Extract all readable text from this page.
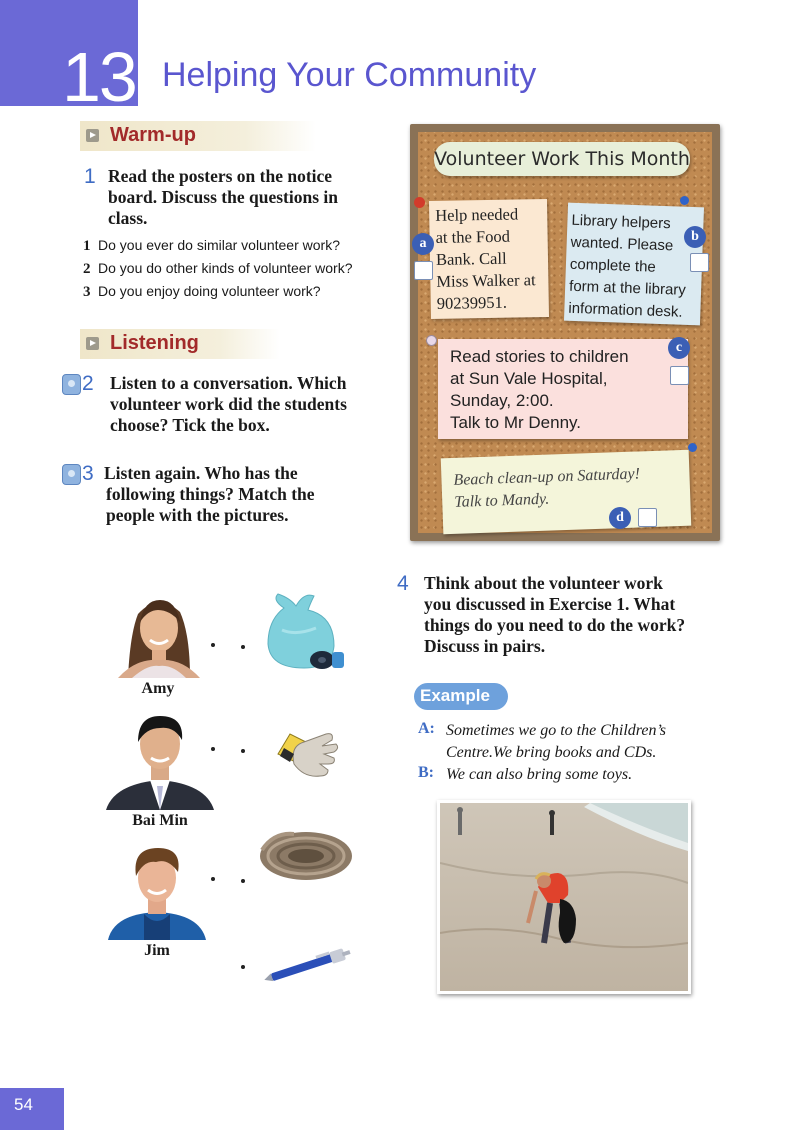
13 Helping Your Community
Warm-up
1 Read the posters on the notice
board. Discuss the questions in
class.
1 Do you ever do similar volunteer work?
2 Do you do other kinds of volunteer work?
3 Do you enjoy doing volunteer work?
Listening
2 Listen to a conversation. Which
volunteer work did the students
choose? Tick the box.
3 Listen again. Who has the
following things? Match the
people with the pictures.
Volunteer Work This Month
Help needed
at the Food
Bank. Call
Miss Walker at
90239951.
a
Library helpers
wanted. Please
complete the
form at the library
information desk.
b
Read stories to children
at Sun Vale Hospital,
Sunday, 2:00.
Talk to Mr Denny.
c
Beach clean-up on Saturday!
Talk to Mandy.
d
Amy
Bai Min
Jim
4 Think about the volunteer work
you discussed in Exercise 1. What
things do you need to do the work?
Discuss in pairs.
Example
A: Sometimes we go to the Children’s
Centre.We bring books and CDs.
B: We can also bring some toys.
54
